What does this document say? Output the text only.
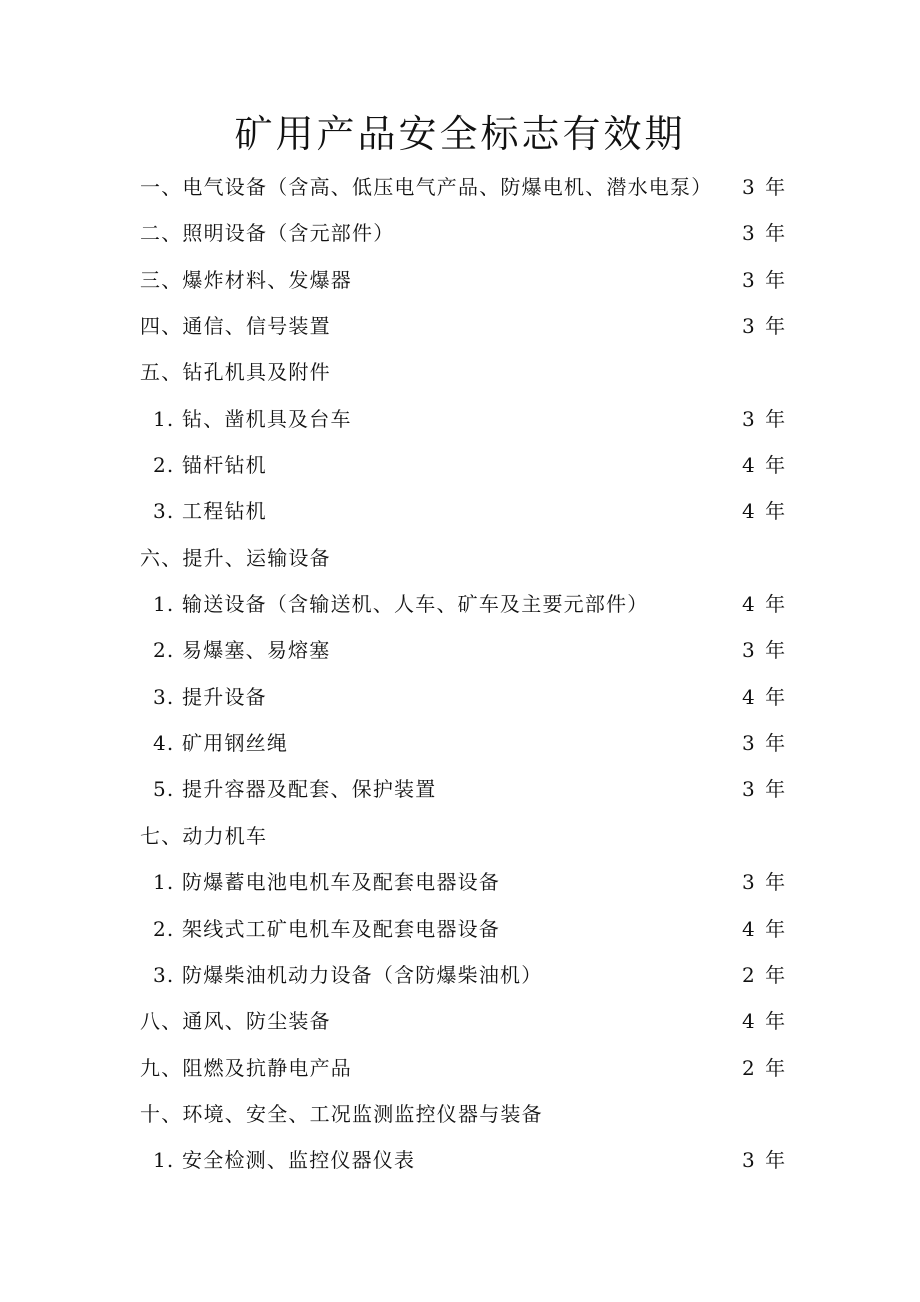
矿用产品安全标志有效期
一、电气设备（含高、低压电气产品、防爆电机、潜水电泵） 3 年
二、照明设备（含元部件）	3 年
三、爆炸材料、发爆器	3 年
四、通信、信号装置	3 年
五、钻孔机具及附件
1. 钻、凿机具及台车	3 年
2. 锚杆钻机	4 年
3. 工程钻机	4 年
六、提升、运输设备
1. 输送设备（含输送机、人车、矿车及主要元部件）	4 年
2. 易爆塞、易熔塞	3 年
3. 提升设备	4 年
4. 矿用钢丝绳	3 年
5. 提升容器及配套、保护装置	3 年
七、动力机车
1. 防爆蓄电池电机车及配套电器设备	3 年
2. 架线式工矿电机车及配套电器设备	4 年
3. 防爆柴油机动力设备（含防爆柴油机）	2 年
八、通风、防尘装备	4 年
九、阻燃及抗静电产品	2 年
十、环境、安全、工况监测监控仪器与装备
1. 安全检测、监控仪器仪表	3 年
